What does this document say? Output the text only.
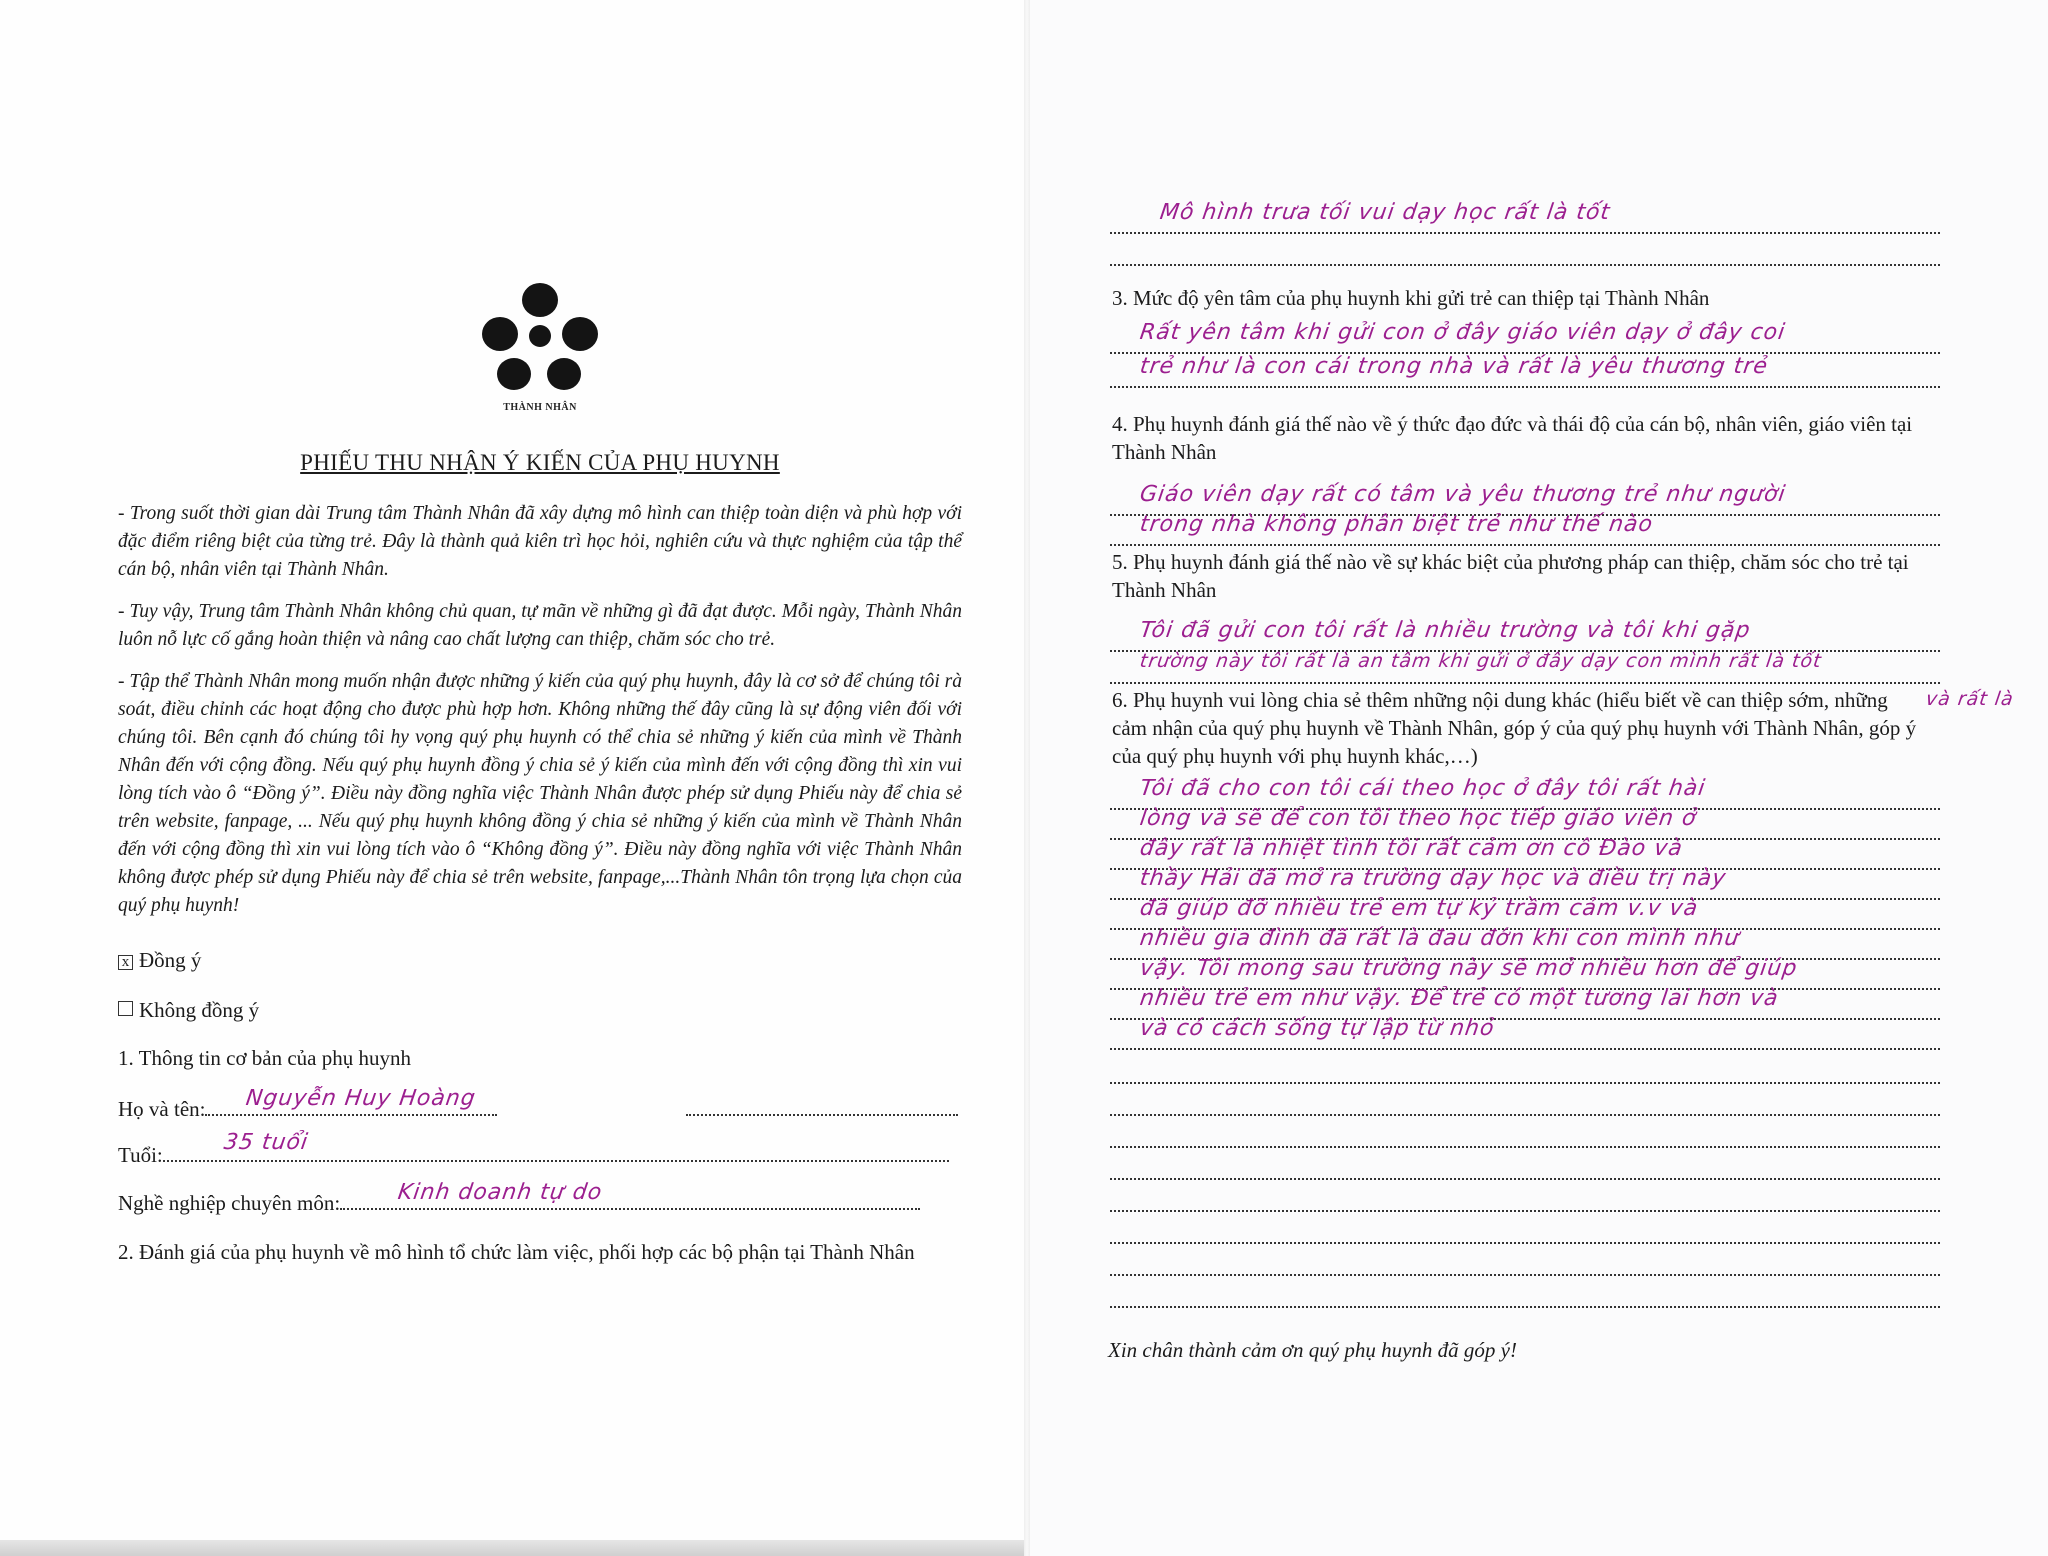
THÀNH NHÂN
PHIẾU THU NHẬN Ý KIẾN CỦA PHỤ HUYNH

- Trong suốt thời gian dài Trung tâm Thành Nhân đã xây dựng mô hình can thiệp toàn diện và phù hợp với đặc điểm riêng biệt của từng trẻ. Đây là thành quả kiên trì học hỏi, nghiên cứu và thực nghiệm của tập thể cán bộ, nhân viên tại Thành Nhân.

- Tuy vậy, Trung tâm Thành Nhân không chủ quan, tự mãn về những gì đã đạt được. Mỗi ngày, Thành Nhân luôn nỗ lực cố gắng hoàn thiện và nâng cao chất lượng can thiệp, chăm sóc cho trẻ.

- Tập thể Thành Nhân mong muốn nhận được những ý kiến của quý phụ huynh, đây là cơ sở để chúng tôi rà soát, điều chỉnh các hoạt động cho được phù hợp hơn. Không những thế đây cũng là sự động viên đối với chúng tôi. Bên cạnh đó chúng tôi hy vọng quý phụ huynh có thể chia sẻ những ý kiến của mình về Thành Nhân đến với cộng đồng. Nếu quý phụ huynh đồng ý chia sẻ ý kiến của mình đến với cộng đồng thì xin vui lòng tích vào ô “Đồng ý”. Điều này đồng nghĩa việc Thành Nhân được phép sử dụng Phiếu này để chia sẻ trên website, fanpage, ... Nếu quý phụ huynh không đồng ý chia sẻ những ý kiến của mình về Thành Nhân đến với cộng đồng thì xin vui lòng tích vào ô “Không đồng ý”. Điều này đồng nghĩa với việc Thành Nhân không được phép sử dụng Phiếu này để chia sẻ trên website, fanpage,...Thành Nhân tôn trọng lựa chọn của quý phụ huynh!

x Đồng ý
Không đồng ý
1. Thông tin cơ bản của phụ huynh
Họ và tên:	Nguyễn Huy Hoàng
Tuổi:	35 tuổi
Nghề nghiệp chuyên môn:	Kinh doanh tự do
2. Đánh giá của phụ huynh về mô hình tổ chức làm việc, phối hợp các bộ phận tại Thành Nhân
Mô hình trưa tối vui dạy học rất là tốt
3. Mức độ yên tâm của phụ huynh khi gửi trẻ can thiệp tại Thành Nhân
Rất yên tâm khi gửi con ở đây giáo viên dạy ở đây coi
trẻ như là con cái trong nhà và rất là yêu thương trẻ
4. Phụ huynh đánh giá thế nào về ý thức đạo đức và thái độ của cán bộ, nhân viên, giáo viên tại Thành Nhân
Giáo viên dạy rất có tâm và yêu thương trẻ như người
trong nhà không phân biệt trẻ như thế nào
5. Phụ huynh đánh giá thế nào về sự khác biệt của phương pháp can thiệp, chăm sóc cho trẻ tại Thành Nhân
Tôi đã gửi con tôi rất là nhiều trường và tôi khi gặp
trường này tôi rất là an tâm khi gửi ở đây dạy con mình rất là tốt
và rất là
6. Phụ huynh vui lòng chia sẻ thêm những nội dung khác (hiểu biết về can thiệp sớm, những cảm nhận của quý phụ huynh về Thành Nhân, góp ý của quý phụ huynh với Thành Nhân, góp ý của quý phụ huynh với phụ huynh khác,…)
Tôi đã cho con tôi cái theo học ở đây tôi rất hài
lòng và sẽ để con tôi theo học tiếp giáo viên ở
đây rất là nhiệt tình tôi rất cảm ơn cô Đào và
thầy Hải đã mở ra trường dạy học và điều trị này
đã giúp đỡ nhiều trẻ em tự kỷ trầm cảm v.v và
nhiều gia đình đã rất là đau đớn khi con mình như
vậy. Tôi mong sau trường này sẽ mở nhiều hơn để giúp
nhiều trẻ em như vậy. Để trẻ có một tương lai hơn và
và có cách sống tự lập từ nhỏ
Xin chân thành cảm ơn quý phụ huynh đã góp ý!
